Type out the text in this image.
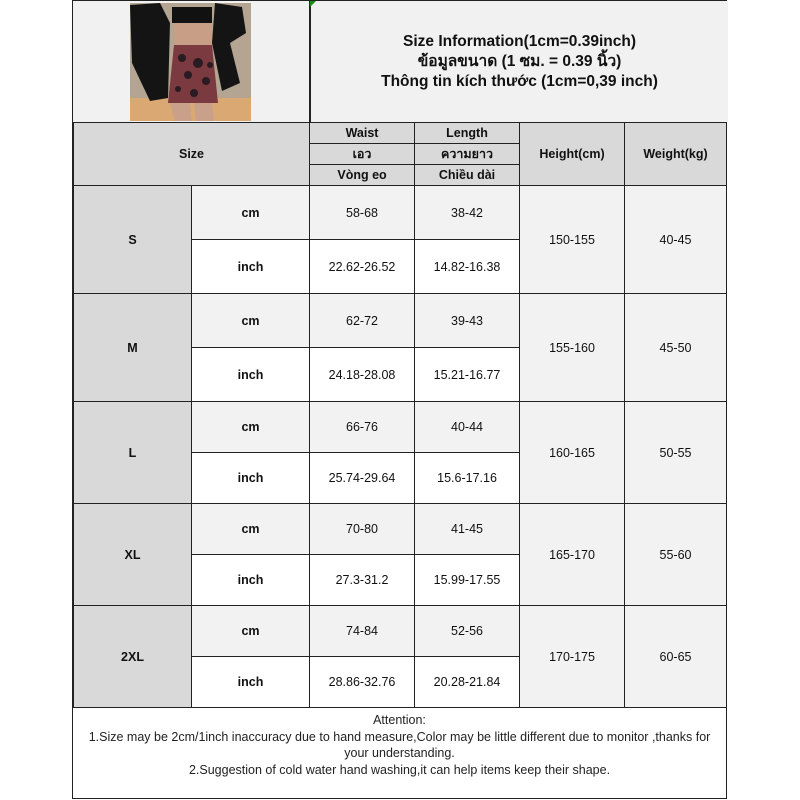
Size Information(1cm=0.39inch)
ข้อมูลขนาด (1 ซม. = 0.39 นิ้ว)
Thông tin kích thước (1cm=0,39 inch)
Size		Waist	Length	Height(cm)	Weight(kg)
		เอว	ความยาว		
		Vòng eo	Chiều dài		
S	cm	58-68	38-42	150-155	40-45
	inch	22.62-26.52	14.82-16.38		
M	cm	62-72	39-43	155-160	45-50
	inch	24.18-28.08	15.21-16.77		
L	cm	66-76	40-44	160-165	50-55
	inch	25.74-29.64	15.6-17.16		
XL	cm	70-80	41-45	165-170	55-60
	inch	27.3-31.2	15.99-17.55		
2XL	cm	74-84	52-56	170-175	60-65
	inch	28.86-32.76	20.28-21.84		
Attention:
1.Size may be 2cm/1inch inaccuracy due to hand measure,Color may be little different due to monitor ,thanks for your understanding.
2.Suggestion of cold water hand washing,it can help items keep their shape.
